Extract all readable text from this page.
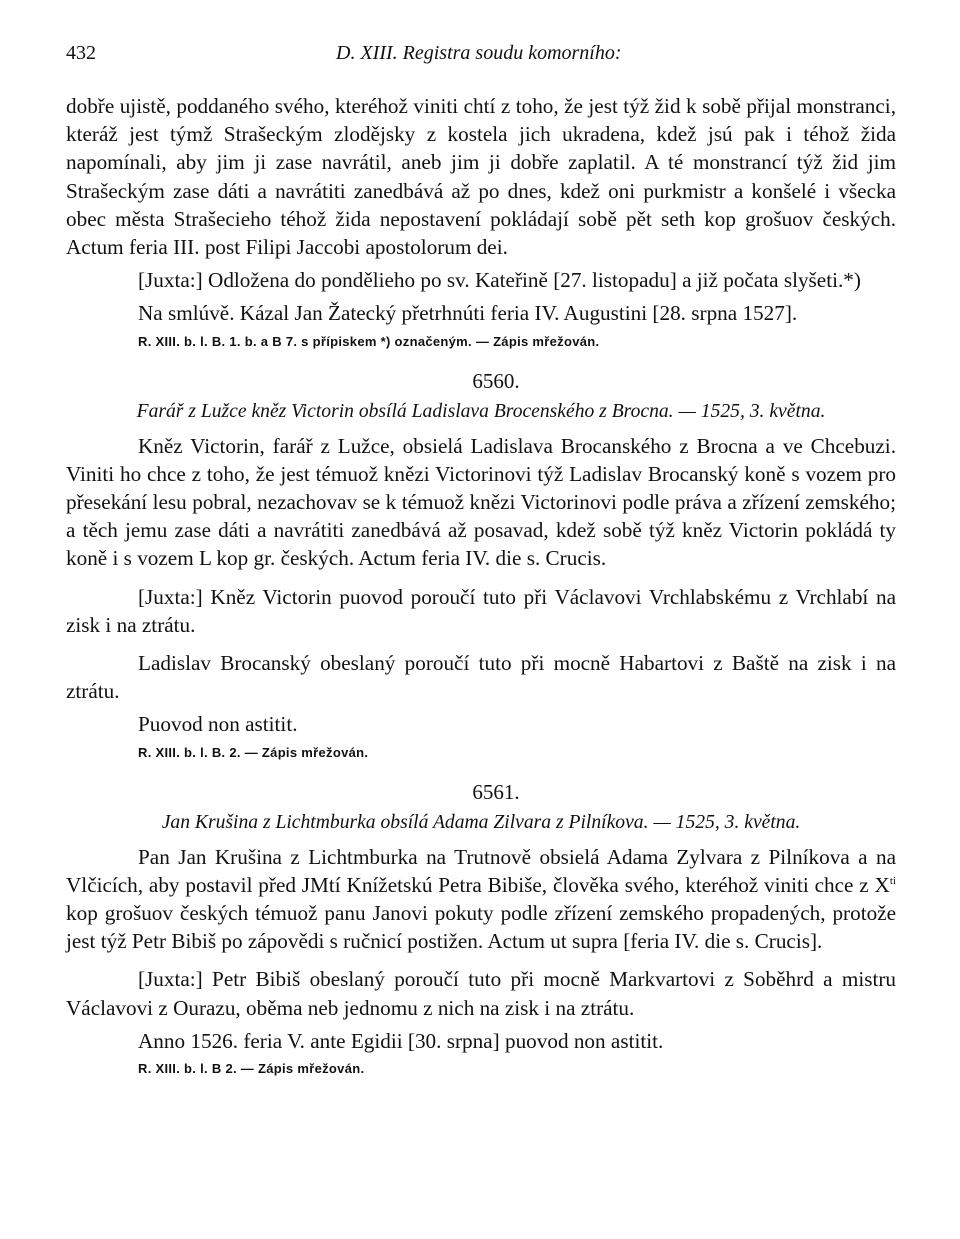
432	D. XIII. Registra soudu komorního:

dobře ujistě, poddaného svého, kteréhož viniti chtí z toho, že jest týž žid k sobě přijal monstranci, kteráž jest týmž Strašeckým zlodějsky z kostela jich ukradena, kdež jsú pak i téhož žida napomínali, aby jim ji zase navrátil, aneb jim ji dobře zaplatil. A té monstrancí týž žid jim Strašeckým zase dáti a navrátiti zanedbává až po dnes, kdež oni purkmistr a konšelé i všecka obec města Strašecieho téhož žida nepostavení pokládají sobě pět seth kop grošuov českých. Actum feria III. post Filipi Jaccobi apostolorum dei.

[Juxta:] Odložena do pondělieho po sv. Kateřině [27. listopadu] a již počata slyšeti.*)

Na smlúvě. Kázal Jan Žatecký přetrhnúti feria IV. Augustini [28. srpna 1527].

R. XIII. b. l. B. 1. b. a B 7. s přípiskem *) označeným. — Zápis mřežován.
6560.
Farář z Lužce kněz Victorin obsílá Ladislava Brocenského z Brocna. — 1525, 3. května.

Kněz Victorin, farář z Lužce, obsielá Ladislava Brocanského z Brocna a ve Chcebuzi. Viniti ho chce z toho, že jest témuož knězi Victorinovi týž Ladislav Brocanský koně s vozem pro přesekání lesu pobral, nezachovav se k témuož knězi Victorinovi podle práva a zřízení zemského; a těch jemu zase dáti a navrátiti zanedbává až posavad, kdež sobě týž kněz Victorin pokládá ty koně i s vozem L kop gr. českých. Actum feria IV. die s. Crucis.

[Juxta:] Kněz Victorin puovod poroučí tuto při Václavovi Vrchlabskému z Vrchlabí na zisk i na ztrátu.

Ladislav Brocanský obeslaný poroučí tuto při mocně Habartovi z Baště na zisk i na ztrátu.

Puovod non astitit.

R. XIII. b. l. B. 2. — Zápis mřežován.
6561.
Jan Krušina z Lichtmburka obsílá Adama Zilvara z Pilníkova. — 1525, 3. května.

Pan Jan Krušina z Lichtmburka na Trutnově obsielá Adama Zylvara z Pilníkova a na Vlčicích, aby postavil před JMtí Knížetskú Petra Bibiše, člověka svého, kteréhož viniti chce z $X^{ti}$ kop grošuov českých témuož panu Janovi pokuty podle zřízení zemského propadených, protože jest týž Petr Bibiš po zápovědi s ručnicí postižen. Actum ut supra [feria IV. die s. Crucis].

[Juxta:] Petr Bibiš obeslaný poroučí tuto při mocně Markvartovi z Soběhrd a mistru Václavovi z Ourazu, oběma neb jednomu z nich na zisk i na ztrátu.

Anno 1526. feria V. ante Egidii [30. srpna] puovod non astitit.

R. XIII. b. l. B 2. — Zápis mřežován.
